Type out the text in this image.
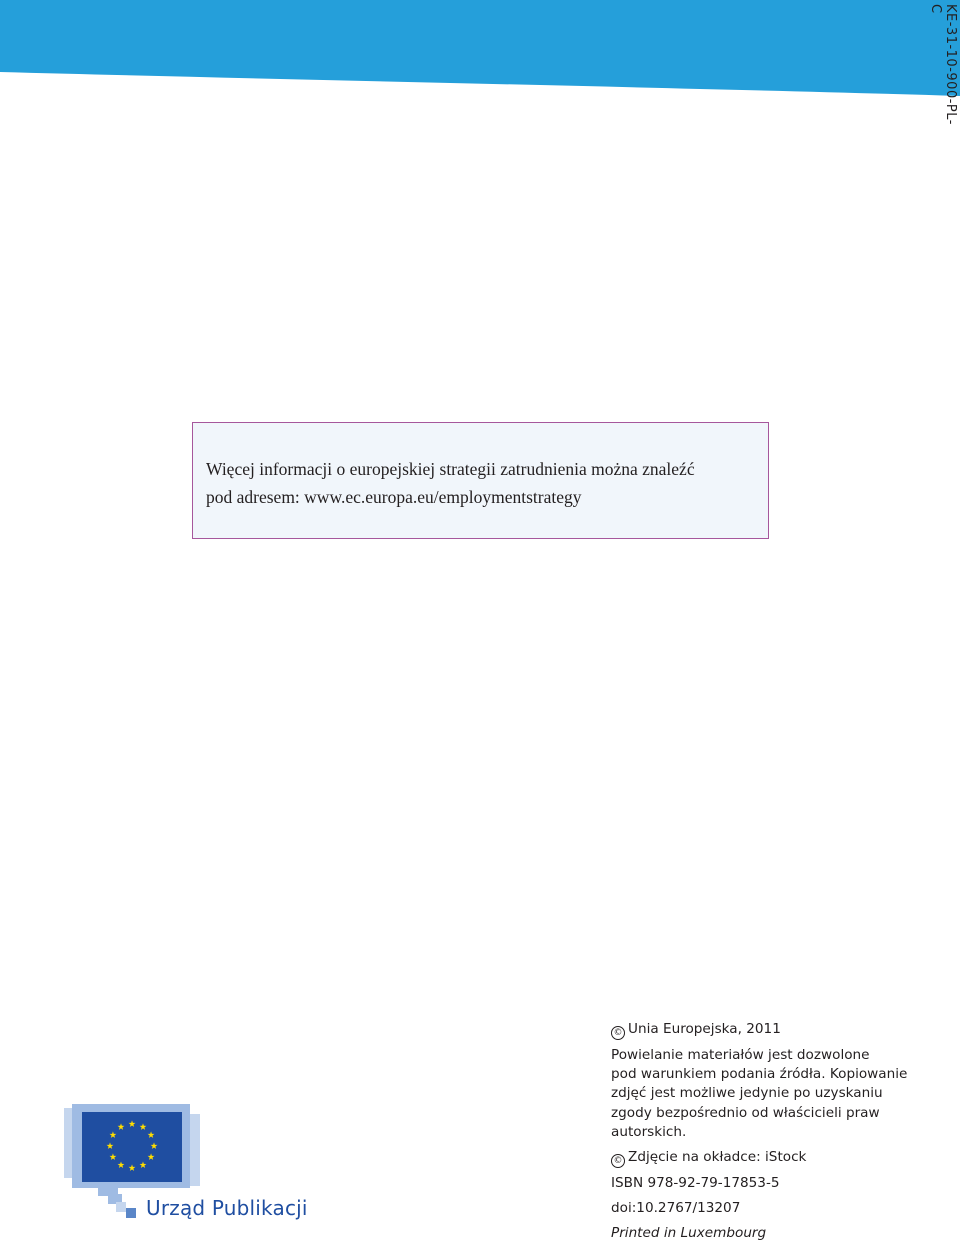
KE-31-10-900-PL-C

Więcej informacji o europejskiej strategii zatrudnienia można znaleźć

pod adresem: www.ec.europa.eu/employmentstrategy

Urząd Publikacji
© Unia Europejska, 2011
Powielanie materiałów jest dozwolone
pod warunkiem podania źródła. Kopiowanie
zdjęć jest możliwe jedynie po uzyskaniu
zgody bezpośrednio od właścicieli praw
autorskich.
© Zdjęcie na okładce: iStock
ISBN 978-92-79-17853-5
doi:10.2767/13207
Printed in Luxembourg
